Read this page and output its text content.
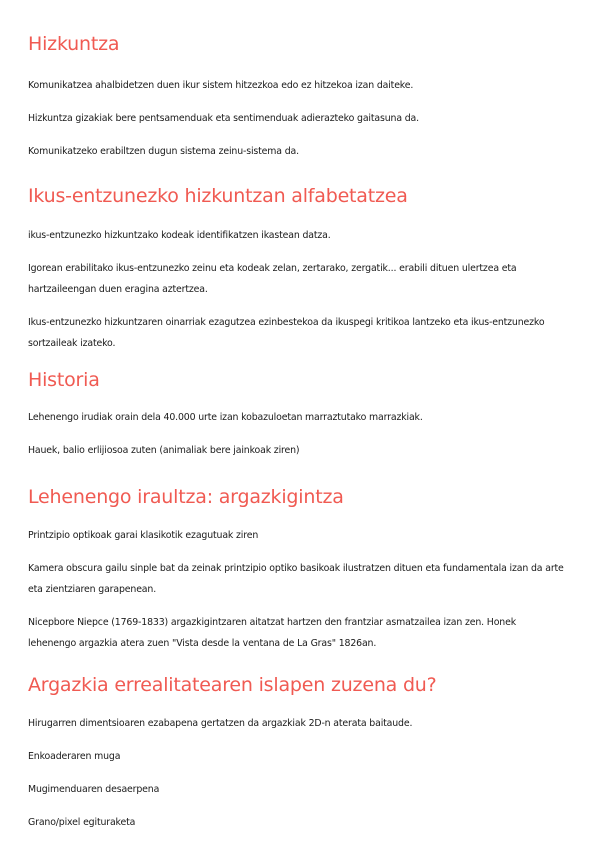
Hizkuntza

Komunikatzea ahalbidetzen duen ikur sistem hitzezkoa edo ez hitzekoa izan daiteke.

Hizkuntza gizakiak bere pentsamenduak eta sentimenduak adierazteko gaitasuna da.

Komunikatzeko erabiltzen dugun sistema zeinu-sistema da.

Ikus-entzunezko hizkuntzan alfabetatzea

ikus-entzunezko hizkuntzako kodeak identifikatzen ikastean datza.

Igorean erabilitako ikus-entzunezko zeinu eta kodeak zelan, zertarako, zergatik... erabili dituen ulertzea eta hartzaileengan duen eragina aztertzea.

Ikus-entzunezko hizkuntzaren oinarriak ezagutzea ezinbestekoa da ikuspegi kritikoa lantzeko eta ikus-entzunezko sortzaileak izateko.

Historia

Lehenengo irudiak orain dela 40.000 urte izan kobazuloetan marraztutako marrazkiak.

Hauek, balio erlijiosoa zuten (animaliak bere jainkoak ziren)

Lehenengo iraultza: argazkigintza

Printzipio optikoak garai klasikotik ezagutuak ziren

Kamera obscura gailu sinple bat da zeinak printzipio optiko basikoak ilustratzen dituen eta fundamentala izan da arte eta zientziaren garapenean.

Nicepbore Niepce (1769-1833) argazkigintzaren aitatzat hartzen den frantziar asmatzailea izan zen. Honek lehenengo argazkia atera zuen "Vista desde la ventana de La Gras" 1826an.

Argazkia errealitatearen islapen zuzena du?

Hirugarren dimentsioaren ezabapena gertatzen da argazkiak 2D-n aterata baitaude.

Enkoaderaren muga

Mugimenduaren desaerpena

Grano/pixel egituraketa
